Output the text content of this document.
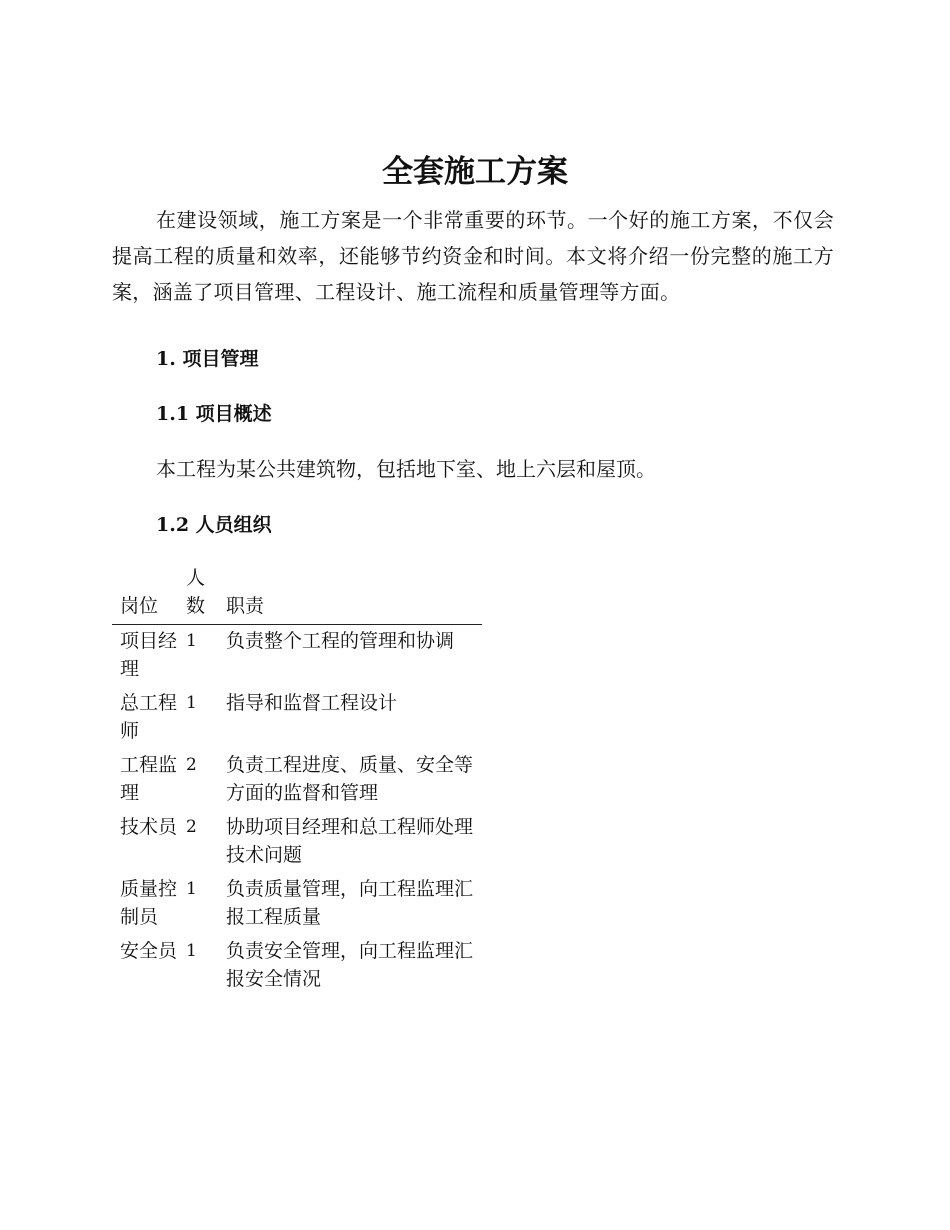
全套施工方案

在建设领域，施工方案是一个非常重要的环节。一个好的施工方案，不仅会提高工程的质量和效率，还能够节约资金和时间。本文将介绍一份完整的施工方案，涵盖了项目管理、工程设计、施工流程和质量管理等方面。

1. 项目管理

1.1 项目概述

本工程为某公共建筑物，包括地下室、地上六层和屋顶。

1.2 人员组织

岗位	人数	职责
项目经理	1	负责整个工程的管理和协调
总工程师	1	指导和监督工程设计
工程监理	2	负责工程进度、质量、安全等方面的监督和管理
技术员	2	协助项目经理和总工程师处理技术问题
质量控制员	1	负责质量管理，向工程监理汇报工程质量
安全员	1	负责安全管理，向工程监理汇报安全情况
